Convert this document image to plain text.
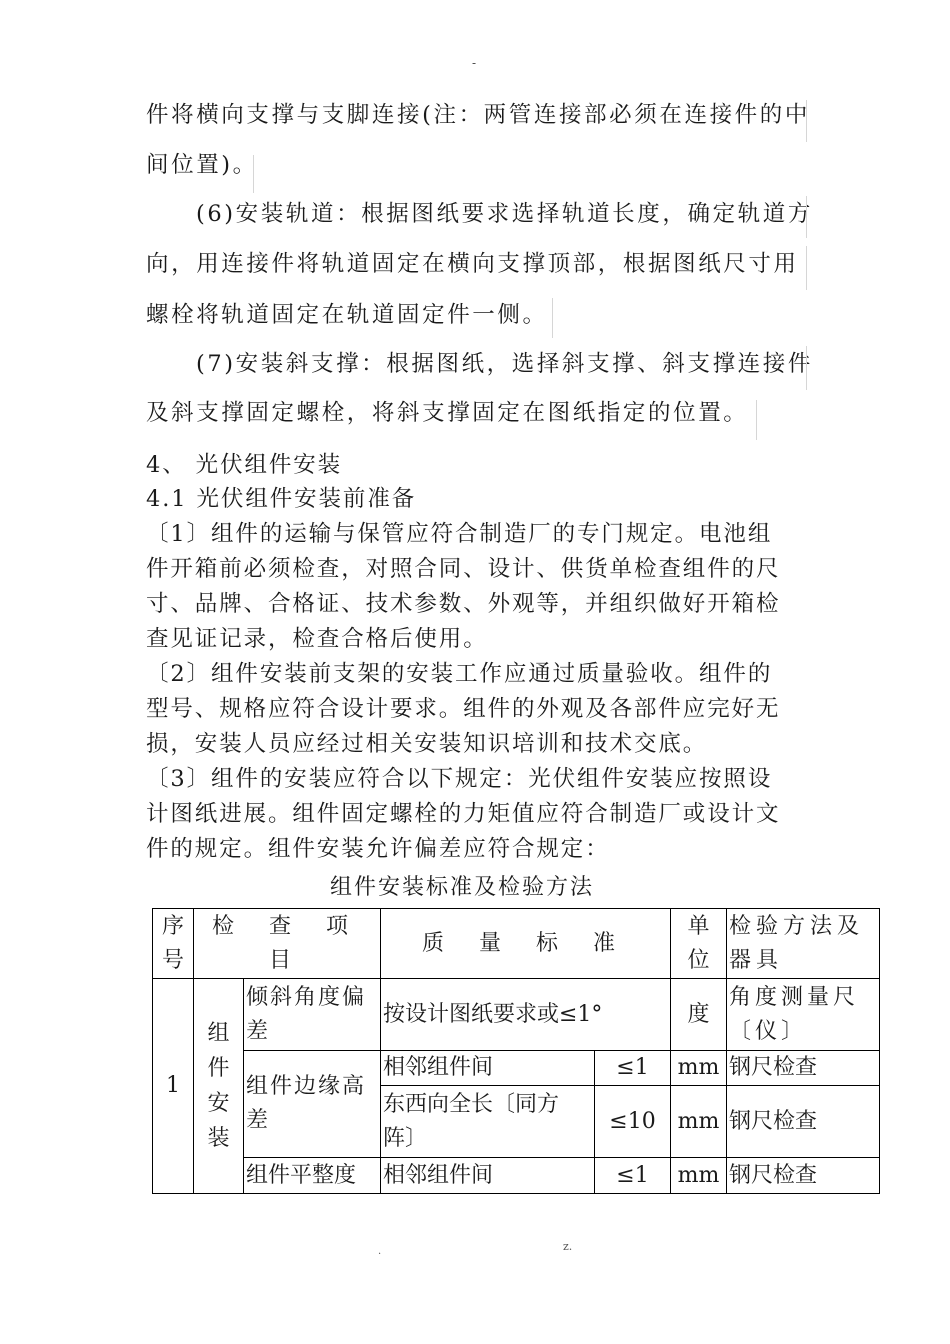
-
件将横向支撑与支脚连接(注：两管连接部必须在连接件的中
间位置)。
(6)安装轨道：根据图纸要求选择轨道长度，确定轨道方
向，用连接件将轨道固定在横向支撑顶部，根据图纸尺寸用
螺栓将轨道固定在轨道固定件一侧。
(7)安装斜支撑：根据图纸，选择斜支撑、斜支撑连接件
及斜支撑固定螺栓，将斜支撑固定在图纸指定的位置。
4、 光伏组件安装
4.1 光伏组件安装前准备
〔1〕组件的运输与保管应符合制造厂的专门规定。电池组
件开箱前必须检查，对照合同、设计、供货单检查组件的尺
寸、品牌、合格证、技术参数、外观等，并组织做好开箱检
查见证记录，检查合格后使用。
〔2〕组件安装前支架的安装工作应通过质量验收。组件的
型号、规格应符合设计要求。组件的外观及各部件应完好无
损，安装人员应经过相关安装知识培训和技术交底。
〔3〕组件的安装应符合以下规定：光伏组件安装应按照设
计图纸进展。组件固定螺栓的力矩值应符合制造厂或设计文
件的规定。组件安装允许偏差应符合规定：
组件安装标准及检验方法
序号	检 查 项 目		质 量 标 准		单位	检验方法及器具

1	组件安装	倾斜角度偏差	按设计图纸要求或≤1°		度	角度测量尺〔仪〕

		组件边缘高差	相邻组件间	≤1	mm	钢尺检查

			东西向全长〔同方阵〕	≤10	mm	钢尺检查
		组件平整度	相邻组件间	≤1	mm	钢尺检查
.	z.
